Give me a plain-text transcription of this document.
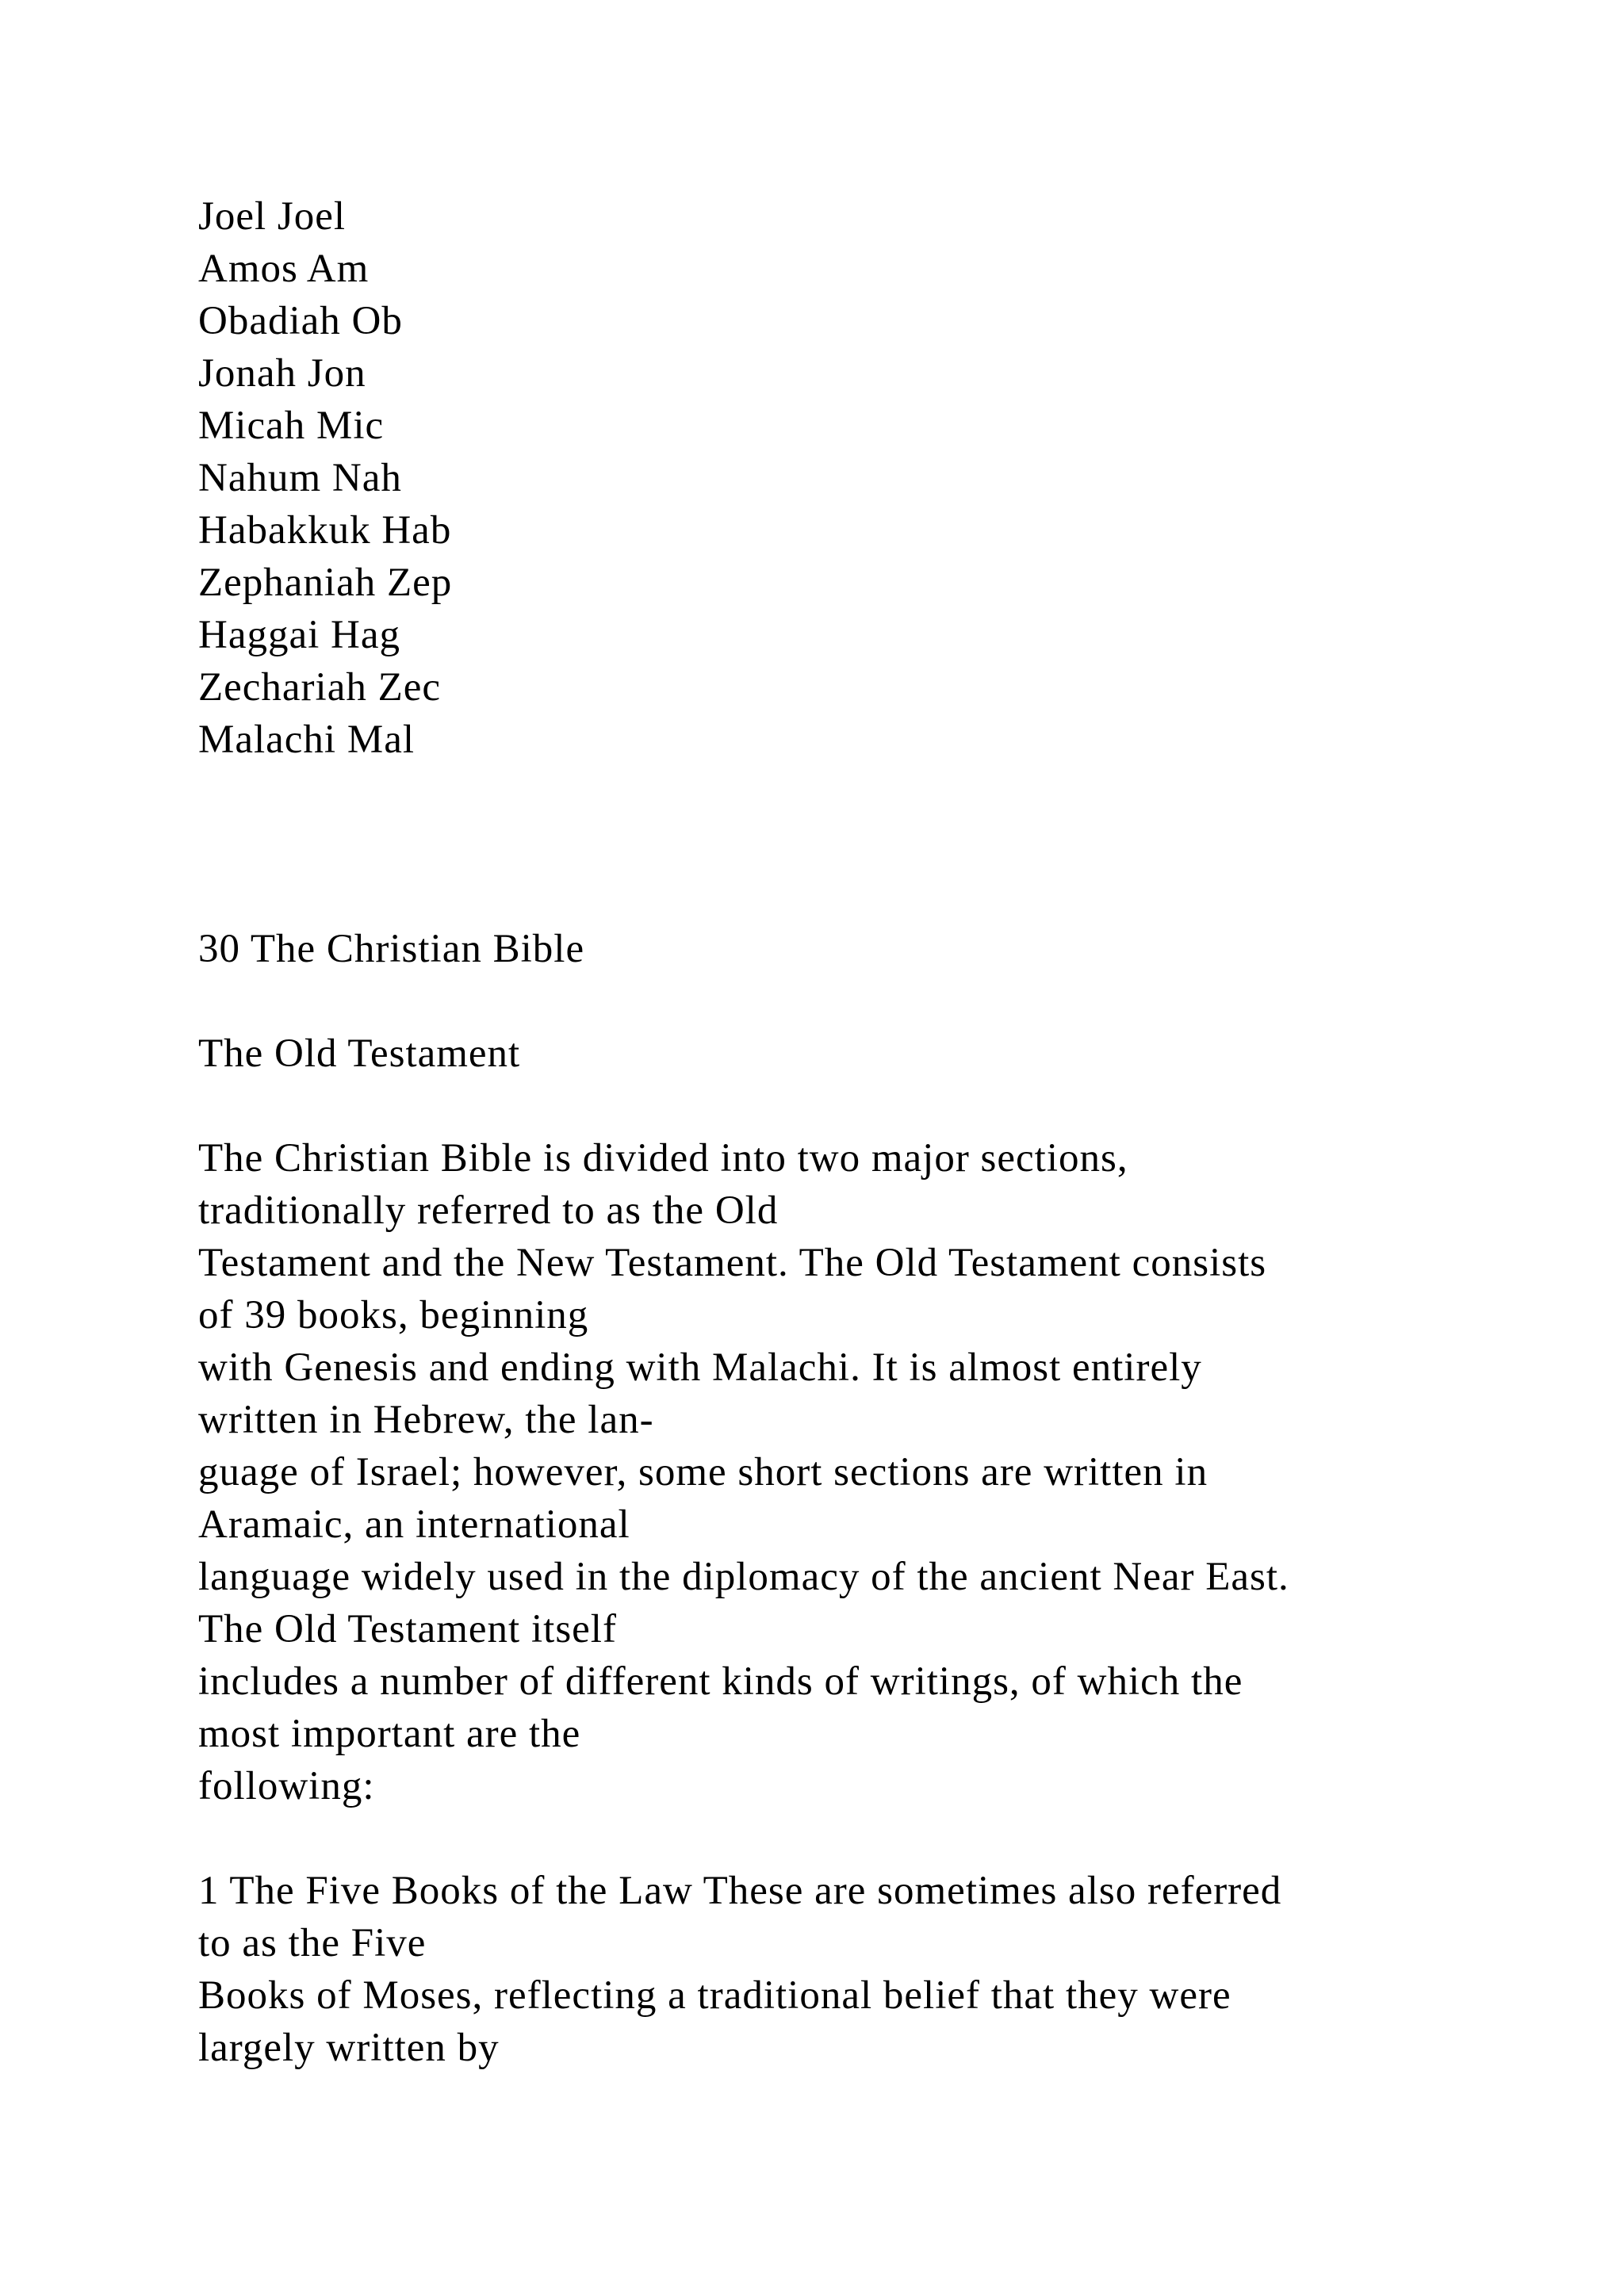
Joel Joel
Amos Am
Obadiah Ob
Jonah Jon
Micah Mic
Nahum Nah
Habakkuk Hab
Zephaniah Zep
Haggai Hag
Zechariah Zec
Malachi Mal
30 The Christian Bible
The Old Testament
The Christian Bible is divided into two major sections,
traditionally referred to as the Old
Testament and the New Testament. The Old Testament consists
of 39 books, beginning
with Genesis and ending with Malachi. It is almost entirely
written in Hebrew, the lan-
guage of Israel; however, some short sections are written in
Aramaic, an international
language widely used in the diplomacy of the ancient Near East.
The Old Testament itself
includes a number of different kinds of writings, of which the
most important are the
following:
1 The Five Books of the Law These are sometimes also referred
to as the Five
Books of Moses, reflecting a traditional belief that they were
largely written by
